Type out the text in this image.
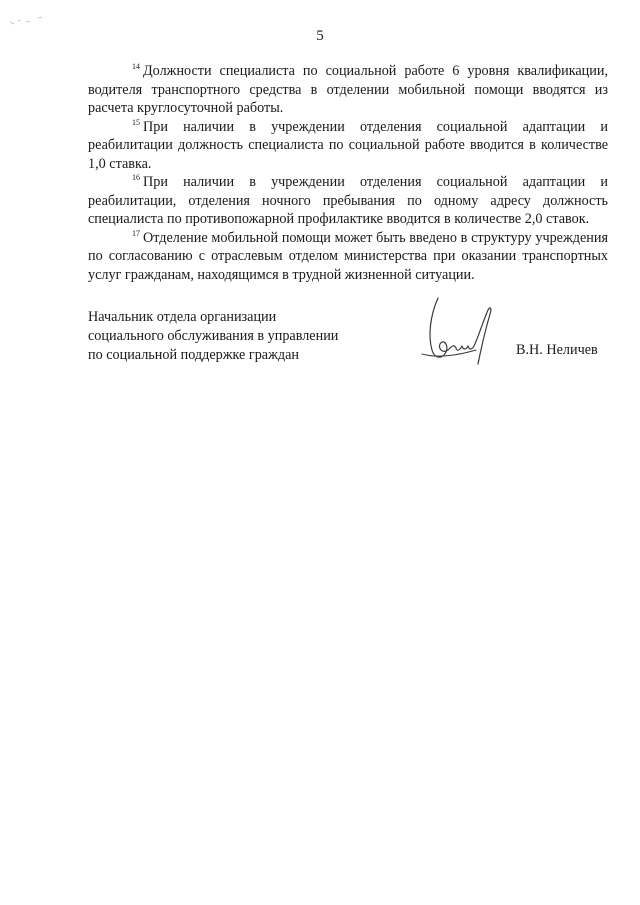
5

$^{14}$ Должности специалиста по социальной работе 6 уровня квалификации, водителя транспортного средства в отделении мобильной помощи вводятся из расчета круглосуточной работы.

$^{15}$ При наличии в учреждении отделения социальной адаптации и реабилитации должность специалиста по социальной работе вводится в количестве 1,0 ставка.

$^{16}$ При наличии в учреждении отделения социальной адаптации и реабилитации, отделения ночного пребывания по одному адресу должность специалиста по противопожарной профилактике вводится в количестве 2,0 ставок.

$^{17}$ Отделение мобильной помощи может быть введено в структуру учреждения по согласованию с отраслевым отделом министерства при оказании транспортных услуг гражданам, находящимся в трудной жизненной ситуации.

Начальник отдела организации
социального обслуживания в управлении
по социальной поддержке граждан	В.Н. Неличев
